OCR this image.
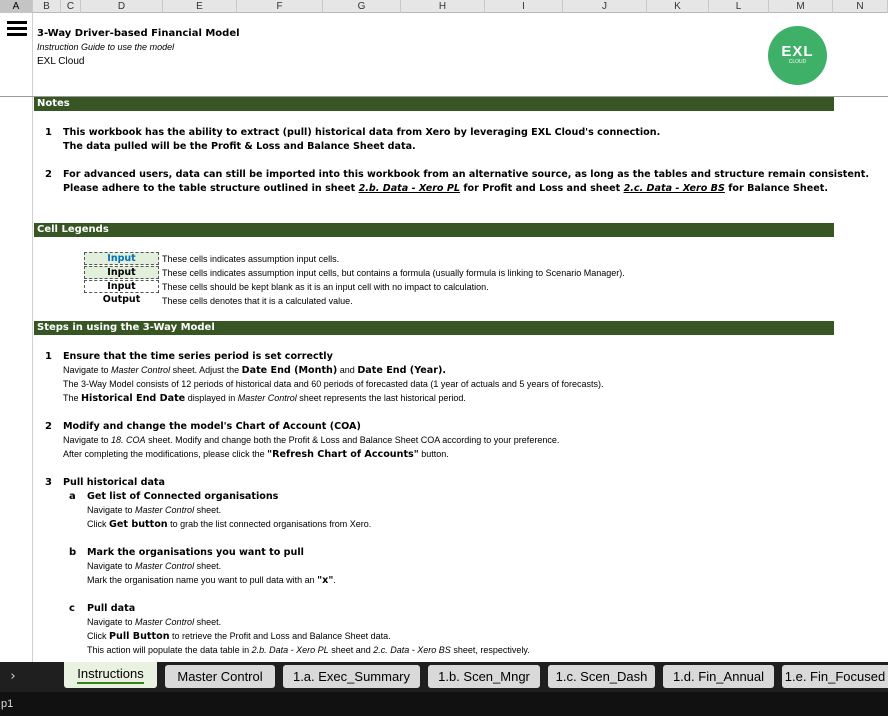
A	B	C	D	E	F	G	H	I	J	K	L	M	N
3-Way Driver-based Financial Model
Instruction Guide to use the model
EXL Cloud
EXL
CLOUD
Notes
1 This workbook has the ability to extract (pull) historical data from Xero by leveraging EXL Cloud's connection.
The data pulled will be the Profit & Loss and Balance Sheet data.
2 For advanced users, data can still be imported into this workbook from an alternative source, as long as the tables and structure remain consistent.
Please adhere to the table structure outlined in sheet 2.b. Data - Xero PL for Profit and Loss and sheet 2.c. Data - Xero BS for Balance Sheet.
Cell Legends
Input	These cells indicates assumption input cells.
Input	These cells indicates assumption input cells, but contains a formula (usually formula is linking to Scenario Manager).
Input	These cells should be kept blank as it is an input cell with no impact to calculation.
Output	These cells denotes that it is a calculated value.
Steps in using the 3-Way Model
1 Ensure that the time series period is set correctly
Navigate to Master Control sheet. Adjust the Date End (Month) and Date End (Year).
The 3-Way Model consists of 12 periods of historical data and 60 periods of forecasted data (1 year of actuals and 5 years of forecasts).
The Historical End Date displayed in Master Control sheet represents the last historical period.
2 Modify and change the model's Chart of Account (COA)
Navigate to 18. COA sheet. Modify and change both the Profit & Loss and Balance Sheet COA according to your preference.
After completing the modifications, please click the "Refresh Chart of Accounts" button.
3 Pull historical data
a Get list of Connected organisations
Navigate to Master Control sheet.
Click Get button to grab the list connected organisations from Xero.
b Mark the organisations you want to pull
Navigate to Master Control sheet.
Mark the organisation name you want to pull data with an "x".
c Pull data
Navigate to Master Control sheet.
Click Pull Button to retrieve the Profit and Loss and Balance Sheet data.
This action will populate the data table in 2.b. Data - Xero PL sheet and 2.c. Data - Xero BS sheet, respectively.
›	Instructions	Master Control	1.a. Exec_Summary	1.b. Scen_Mngr	1.c. Scen_Dash	1.d. Fin_Annual	1.e. Fin_Focused
p1
